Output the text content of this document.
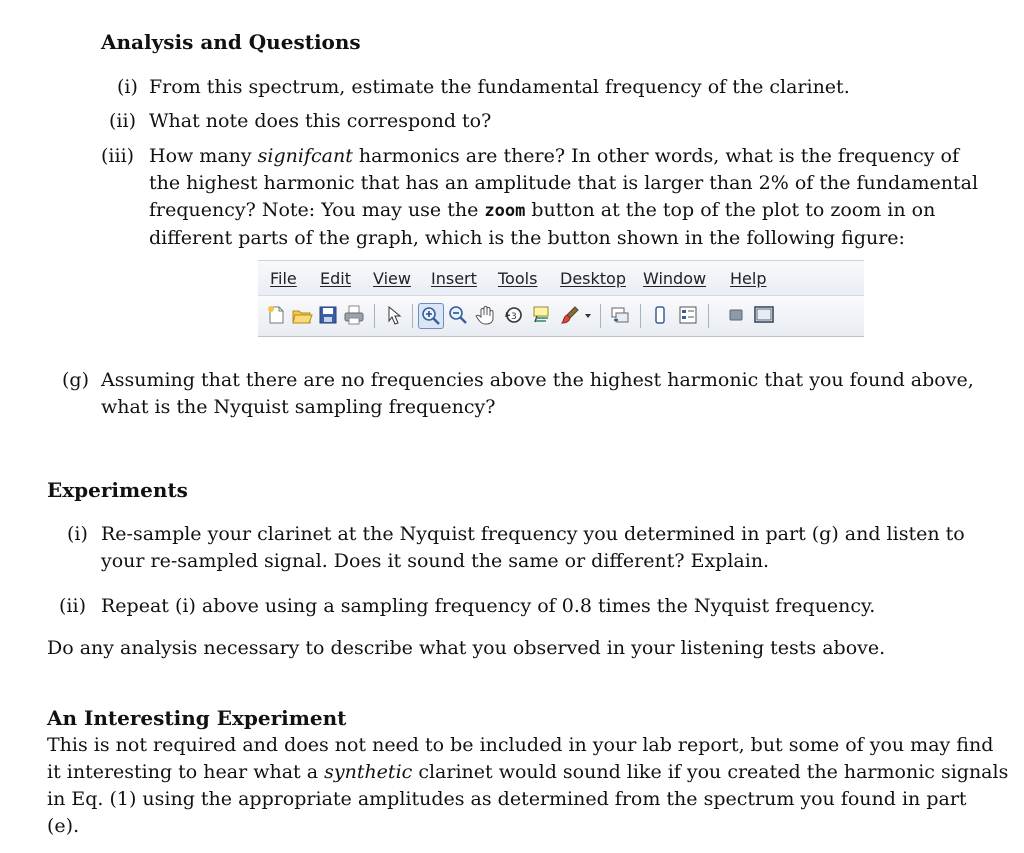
Analysis and Questions
(i) From this spectrum, estimate the fundamental frequency of the clarinet.
(ii) What note does this correspond to?
(iii) How many signifcant harmonics are there? In other words, what is the frequency of
the highest harmonic that has an amplitude that is larger than 2% of the fundamental
frequency? Note: You may use the zoom button at the top of the plot to zoom in on
different parts of the graph, which is the button shown in the following figure:
File Edit View Insert Tools Desktop Window Help
3
(g) Assuming that there are no frequencies above the highest harmonic that you found above,
what is the Nyquist sampling frequency?
Experiments
(i) Re-sample your clarinet at the Nyquist frequency you determined in part (g) and listen to
your re-sampled signal. Does it sound the same or different? Explain.
(ii) Repeat (i) above using a sampling frequency of 0.8 times the Nyquist frequency.
Do any analysis necessary to describe what you observed in your listening tests above.
An Interesting Experiment
This is not required and does not need to be included in your lab report, but some of you may find
it interesting to hear what a synthetic clarinet would sound like if you created the harmonic signals
in Eq. (1) using the appropriate amplitudes as determined from the spectrum you found in part
(e).
